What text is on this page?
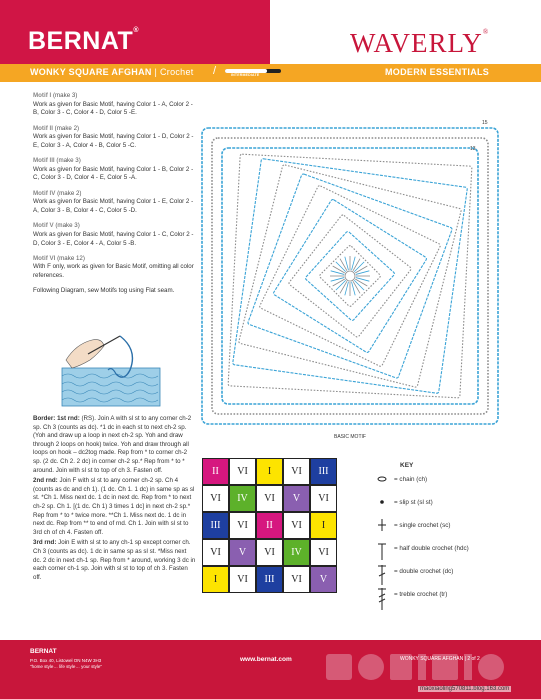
BERNAT®	WAVERLY®
WONKY SQUARE AFGHAN | Crochet /	INTERMEDIATE	MODERN ESSENTIALS
Motif I (make 3)
Work as given for Basic Motif, having Color 1 - A, Color 2 - B, Color 3 - C, Color 4 - D, Color 5 -E.
Motif II (make 2)
Work as given for Basic Motif, having Color 1 - D, Color 2 - E, Color 3 - A, Color 4 - B, Color 5 -C.
Motif III (make 3)
Work as given for Basic Motif, having Color 1 - B, Color 2 - C, Color 3 - D, Color 4 - E, Color 5 -A.
Motif IV (make 2)
Work as given for Basic Motif, having Color 1 - E, Color 2 - A, Color 3 - B, Color 4 - C, Color 5 -D.
Motif V (make 3)
Work as given for Basic Motif, having Color 1 - C, Color 2 - D, Color 3 - E, Color 4 - A, Color 5 -B.
Motif VI (make 12)
With F only, work as given for Basic Motif, omitting all color references.
Following Diagram, sew Motifs tog using Flat seam.

Border: 1st rnd: (RS). Join A with sl st to any corner ch-2 sp. Ch 3 (counts as dc). *1 dc in each st to next ch-2 sp. (Yoh and draw up a loop in next ch-2 sp. Yoh and draw through 2 loops on hook) twice. Yoh and draw through all loops on hook – dc2tog made. Rep from * to corner ch-2 sp. (2 dc. Ch 2. 2 dc) in corner ch-2 sp.* Rep from * to * around. Join with sl st to top of ch 3. Fasten off.

2nd rnd: Join F with sl st to any corner ch-2 sp. Ch 4 (counts as dc and ch 1). (1 dc. Ch 1. 1 dc) in same sp as sl st. *Ch 1. Miss next dc. 1 dc in next dc. Rep from * to next ch-2 sp. Ch 1. [(1 dc. Ch 1) 3 times 1 dc] in next ch-2 sp.* Rep from * to * twice more. **Ch 1. Miss next dc. 1 dc in next dc. Rep from ** to end of rnd. Ch 1. Join with sl st to 3rd ch of ch 4. Fasten off.

3rd rnd: Join E with sl st to any ch-1 sp except corner ch. Ch 3 (counts as dc). 1 dc in same sp as sl st. *Miss next dc. 2 dc in next ch-1 sp. Rep from * around, working 3 dc in each corner ch-1 sp. Join with sl st to top of ch 3. Fasten off.

15
13
BASIC MOTIF
II	VI	I	VI	III
VI	IV	VI	V	VI
III	VI	II	VI	I
VI	V	VI	IV	VI
I	VI	III	VI	V
KEY
= chain (ch)
= slip st (sl st)
= single crochet (sc)
= half double crochet (hdc)
= double crochet (dc)
= treble crochet (tr)
BERNAT
P.O. Box 40, Listowel ON N4W 3H3
"home style… life style… your style"
www.bernat.com	WONKY SQUARE AFGHAN | 2 of 2
maoxiaoling570811.blog.163.com
